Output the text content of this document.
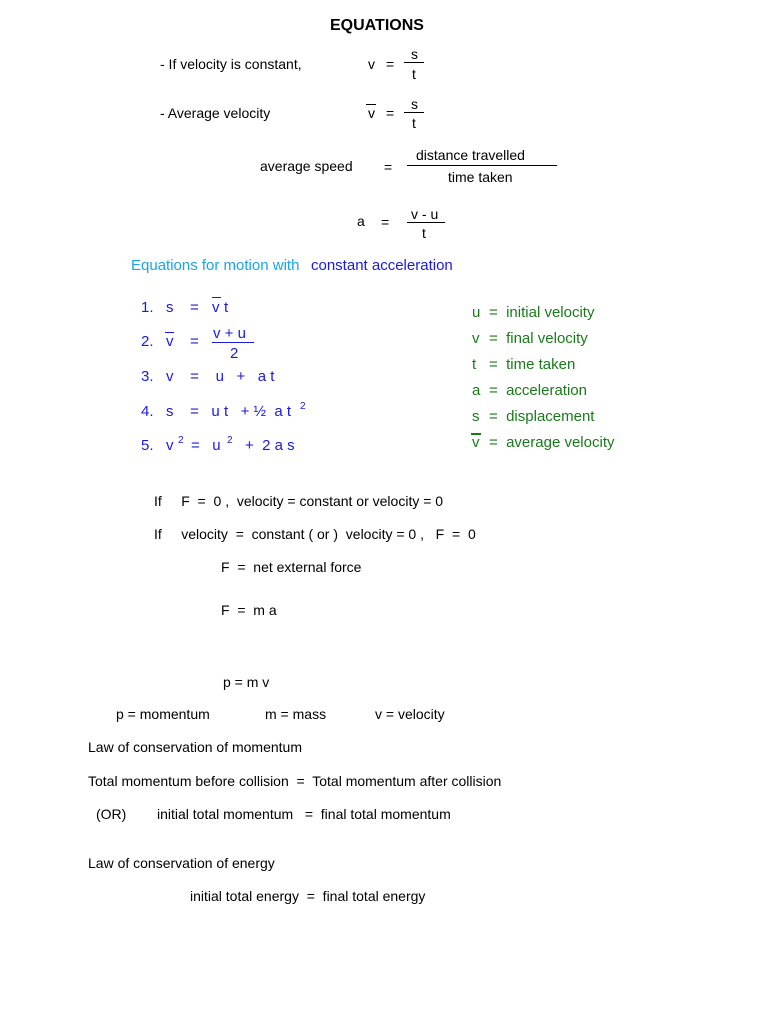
EQUATIONS
- If velocity is constant,	v =
s
t
- Average velocity	v =
s
t
average speed =
distance travelled
time taken
a = v - u
t
Equations for motion with constant acceleration
1. s = v t
2. v = v + u
2
3. v    =    u   +   a t
4. s    =   u t   + ½  a t 2
5. v 2 =   u 2 +  2 a s
u =  initial velocity
v =  final velocity
t =  time taken
a =  acceleration
s =  displacement
v =  average velocity
If     F  =  0 ,  velocity = constant or velocity = 0
If     velocity  =  constant ( or )  velocity = 0 ,   F  =  0
F  =  net external force
F  =  m a
p = m v
p = momentum	m = mass	v = velocity
Law of conservation of momentum
Total momentum before collision  =  Total momentum after collision
(OR) initial total momentum   =  final total momentum
Law of conservation of energy
initial total energy  =  final total energy
